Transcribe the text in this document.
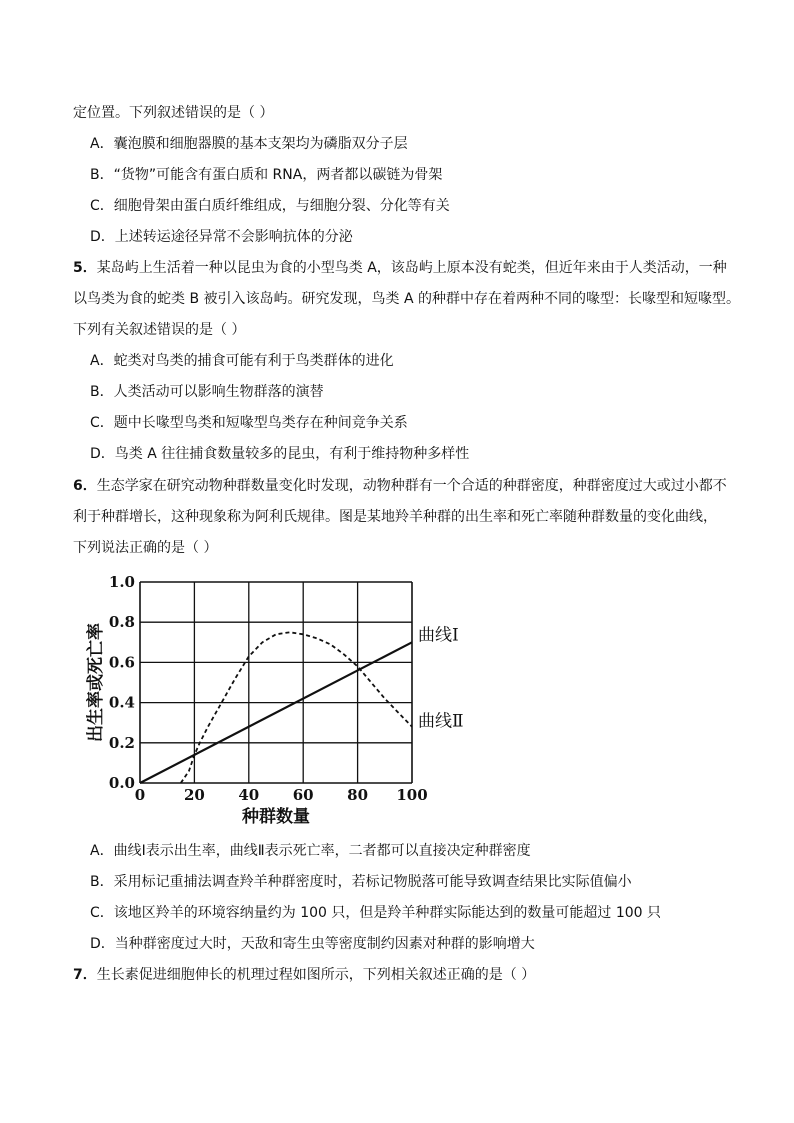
定位置。下列叙述错误的是（ ）
A．囊泡膜和细胞器膜的基本支架均为磷脂双分子层
B．“货物”可能含有蛋白质和 RNA，两者都以碳链为骨架
C．细胞骨架由蛋白质纤维组成，与细胞分裂、分化等有关
D．上述转运途径异常不会影响抗体的分泌
5．某岛屿上生活着一种以昆虫为食的小型鸟类 A，该岛屿上原本没有蛇类，但近年来由于人类活动，一种
以鸟类为食的蛇类 B 被引入该岛屿。研究发现，鸟类 A 的种群中存在着两种不同的喙型：长喙型和短喙型。
下列有关叙述错误的是（ ）
A．蛇类对鸟类的捕食可能有利于鸟类群体的进化
B．人类活动可以影响生物群落的演替
C．题中长喙型鸟类和短喙型鸟类存在种间竞争关系
D．鸟类 A 往往捕食数量较多的昆虫，有利于维持物种多样性
6．生态学家在研究动物种群数量变化时发现，动物种群有一个合适的种群密度，种群密度过大或过小都不
利于种群增长，这种现象称为阿利氏规律。图是某地羚羊种群的出生率和死亡率随种群数量的变化曲线，
下列说法正确的是（ ）
0	20 40 60 80 100
0.0
0.2
0.4
0.6
0.8
1.0
曲线Ⅰ
曲线Ⅱ
种群数量
出生率或死亡率
A．曲线Ⅰ表示出生率，曲线Ⅱ表示死亡率，二者都可以直接决定种群密度
B．采用标记重捕法调查羚羊种群密度时，若标记物脱落可能导致调查结果比实际值偏小
C．该地区羚羊的环境容纳量约为 100 只，但是羚羊种群实际能达到的数量可能超过 100 只
D．当种群密度过大时，天敌和寄生虫等密度制约因素对种群的影响增大
7．生长素促进细胞伸长的机理过程如图所示，下列相关叙述正确的是（ ）
